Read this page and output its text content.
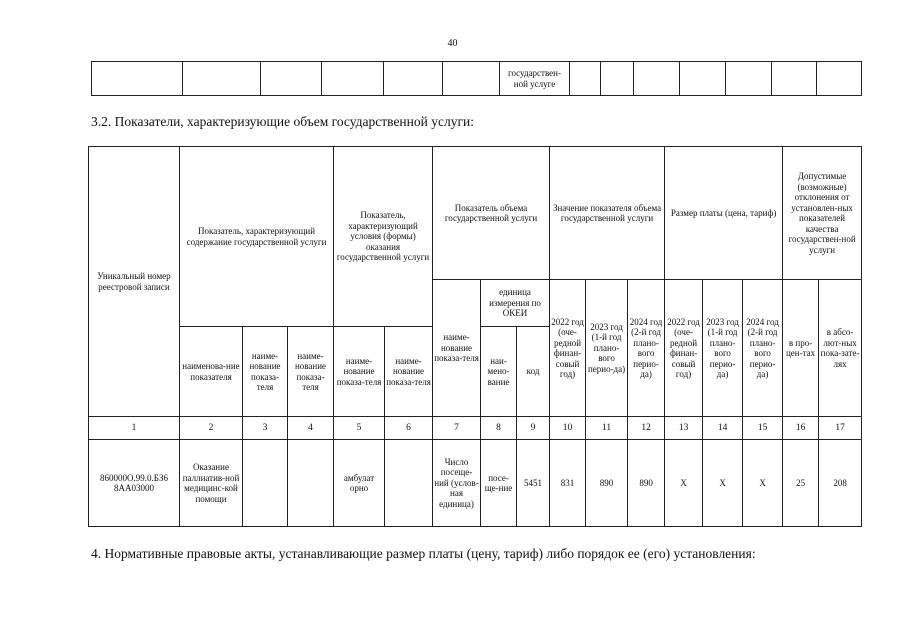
40
						государствен-ной услуге							
3.2. Показатели, характеризующие объем государственной услуги:
Уникальный номер реестровой записи	Показатель, характеризующий содержание государственной услуги			Показатель, характеризующий условия (формы) оказания государственной услуги		Показатель объема государственной услуги			Значение показателя объема государственной услуги			Размер платы (цена, тариф)			Допустимые (возможные) отклонения от установлен-ных показателей качества государствен-ной услуги	
						наиме-нование показа-теля	единица измерения по ОКЕИ		2022 год (оче-редной финан-совый год)	2023 год (1-й год плано-вого перио-да)	2024 год (2-й год плано-вого перио-да)	2022 год (оче-редной финан-совый год)	2023 год (1-й год плано-вого перио-да)	2024 год (2-й год плано-вого перио-да)	в про-цен-тах	в абсо-лют-ных пока-зате-лях
	наименова-ние показателя	наиме-нование показа-теля	наиме-нование показа-теля	наиме-нование показа-теля	наиме-нование показа-теля		наи-мено-вание	код								
1	2	3	4	5	6	7	8	9	10	11	12	13	14	15	16	17
860000О.99.0.БЗ6 8АА03000	Оказание паллиатив-ной медицинс-кой помощи			амбулат орно		Число посеще-ний (услов-ная единица)	посе-ще-ние	5451	831	890	890	Х	Х	Х	25	208
4. Нормативные правовые акты, устанавливающие размер платы (цену, тариф) либо порядок ее (его) установления:
